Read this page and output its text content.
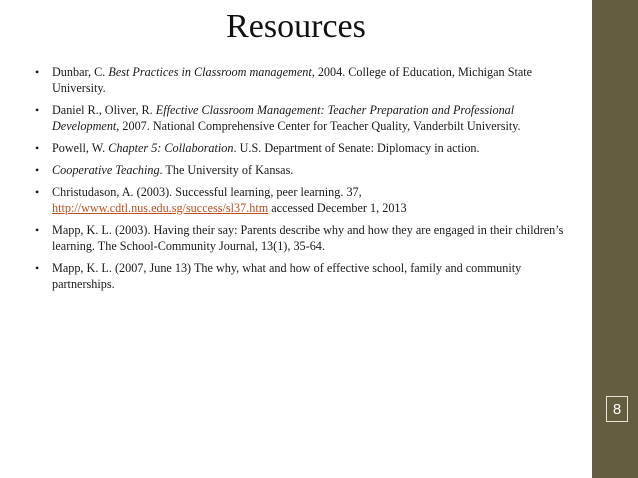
8
Resources
• Dunbar, C. Best Practices in Classroom management, 2004. College of Education, Michigan State University.
• Daniel R., Oliver, R. Effective Classroom Management: Teacher Preparation and Professional Development, 2007. National Comprehensive Center for Teacher Quality, Vanderbilt University.
• Powell, W. Chapter 5: Collaboration. U.S. Department of Senate: Diplomacy in action.
• Cooperative Teaching. The University of Kansas.
• Christudason, A. (2003). Successful learning, peer learning. 37, http://www.cdtl.nus.edu.sg/success/sl37.htm accessed December 1, 2013
• Mapp, K. L. (2003). Having their say: Parents describe why and how they are engaged in their children’s learning. The School-Community Journal, 13(1), 35-64.
• Mapp, K. L. (2007, June 13) The why, what and how of effective school, family and community partnerships.
